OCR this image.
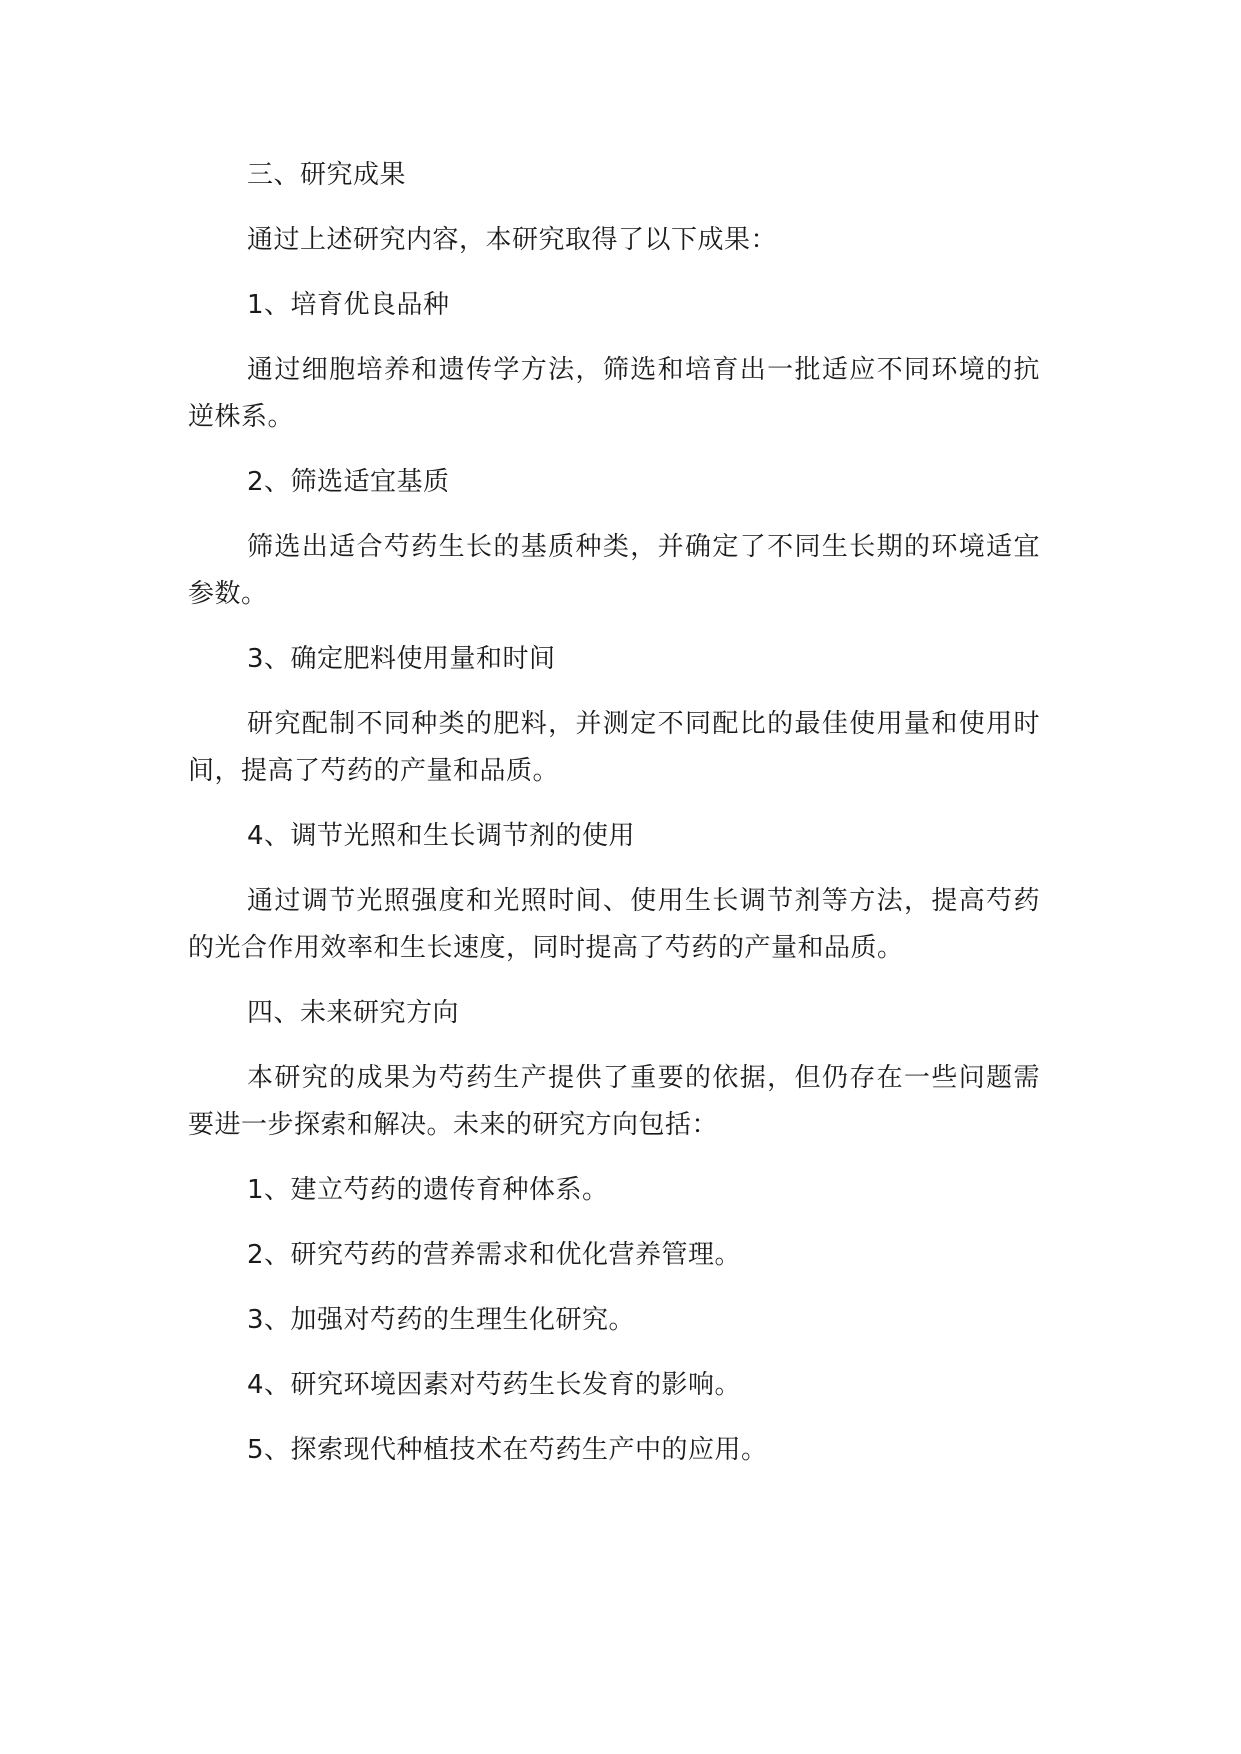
三、研究成果

通过上述研究内容，本研究取得了以下成果：

1、培育优良品种

通过细胞培养和遗传学方法，筛选和培育出一批适应不同环境的抗逆株系。

2、筛选适宜基质

筛选出适合芍药生长的基质种类，并确定了不同生长期的环境适宜参数。

3、确定肥料使用量和时间

研究配制不同种类的肥料，并测定不同配比的最佳使用量和使用时间，提高了芍药的产量和品质。

4、调节光照和生长调节剂的使用

通过调节光照强度和光照时间、使用生长调节剂等方法，提高芍药的光合作用效率和生长速度，同时提高了芍药的产量和品质。

四、未来研究方向

本研究的成果为芍药生产提供了重要的依据，但仍存在一些问题需要进一步探索和解决。未来的研究方向包括：

1、建立芍药的遗传育种体系。

2、研究芍药的营养需求和优化营养管理。

3、加强对芍药的生理生化研究。

4、研究环境因素对芍药生长发育的影响。

5、探索现代种植技术在芍药生产中的应用。
